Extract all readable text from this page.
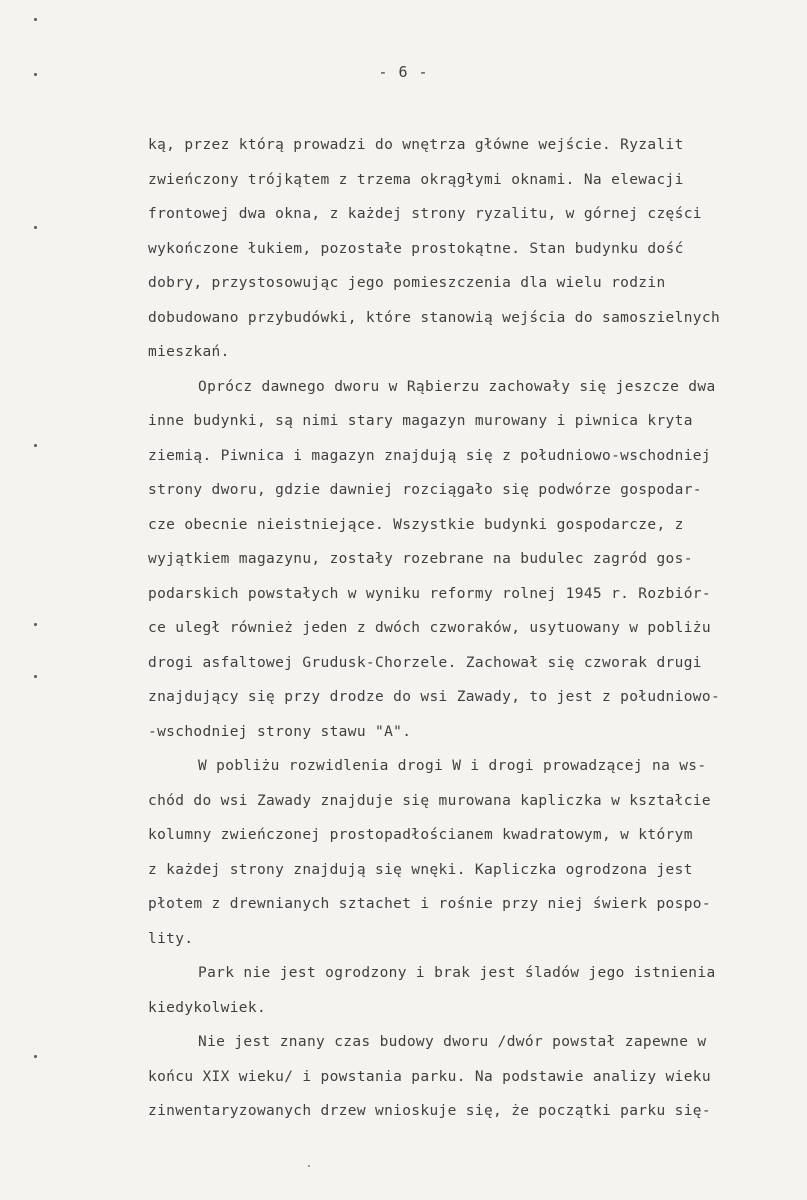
- 6 -
ką, przez którą prowadzi do wnętrza główne wejście. Ryzalit
zwieńczony trójkątem z trzema okrągłymi oknami. Na elewacji
frontowej dwa okna, z każdej strony ryzalitu, w górnej części
wykończone łukiem, pozostałe prostokątne. Stan budynku dość
dobry, przystosowując jego pomieszczenia dla wielu rodzin
dobudowano przybudówki, które stanowią wejścia do samoszielnych
mieszkań.
Oprócz dawnego dworu w Rąbierzu zachowały się jeszcze dwa
inne budynki, są nimi stary magazyn murowany i piwnica kryta
ziemią. Piwnica i magazyn znajdują się z południowo-wschodniej
strony dworu, gdzie dawniej rozciągało się podwórze gospodar-
cze obecnie nieistniejące. Wszystkie budynki gospodarcze, z
wyjątkiem magazynu, zostały rozebrane na budulec zagród gos-
podarskich powstałych w wyniku reformy rolnej 1945 r. Rozbiór-
ce uległ również jeden z dwóch czworaków, usytuowany w pobliżu
drogi asfaltowej Grudusk-Chorzele. Zachował się czworak drugi
znajdujący się przy drodze do wsi Zawady, to jest z południowo-
-wschodniej strony stawu "A".
W pobliżu rozwidlenia drogi W i drogi prowadzącej na ws-
chód do wsi Zawady znajduje się murowana kapliczka w kształcie
kolumny zwieńczonej prostopadłościanem kwadratowym, w którym
z każdej strony znajdują się wnęki. Kapliczka ogrodzona jest
płotem z drewnianych sztachet i rośnie przy niej świerk pospo-
lity.
Park nie jest ogrodzony i brak jest śladów jego istnienia
kiedykolwiek.
Nie jest znany czas budowy dworu /dwór powstał zapewne w
końcu XIX wieku/ i powstania parku. Na podstawie analizy wieku
zinwentaryzowanych drzew wnioskuje się, że początki parku się-
